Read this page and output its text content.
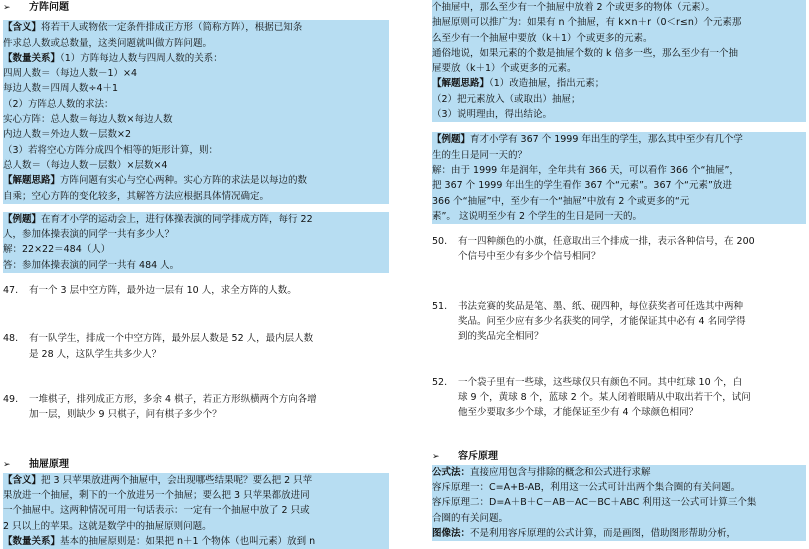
➢ 方阵问题

【含义】将若干人或物依一定条件排成正方形（简称方阵），根据已知条

件求总人数或总数量，这类问题就叫做方阵问题。

【数量关系】（1）方阵每边人数与四周人数的关系：

四周人数＝（每边人数－1）×4

每边人数＝四周人数÷4＋1

（2）方阵总人数的求法：

实心方阵：总人数＝每边人数×每边人数

内边人数＝外边人数－层数×2

（3）若将空心方阵分成四个相等的矩形计算，则：

总人数＝（每边人数－层数）×层数×4

【解题思路】方阵问题有实心与空心两种。实心方阵的求法是以每边的数

自乘；空心方阵的变化较多，其解答方法应根据具体情况确定。

【例题】在育才小学的运动会上，进行体操表演的同学排成方阵，每行 22

人，参加体操表演的同学一共有多少人？

解：22×22＝484（人）

答：参加体操表演的同学一共有 484 人。

47. 有一个 3 层中空方阵，最外边一层有 10 人，求全方阵的人数。

48. 有一队学生，排成一个中空方阵，最外层人数是 52 人，最内层人数

是 28 人，这队学生共多少人？

49. 一堆棋子，排列成正方形，多余 4 棋子，若正方形纵横两个方向各增

加一层，则缺少 9 只棋子，问有棋子多少个？

➢ 抽屉原理

【含义】把 3 只苹果放进两个抽屉中，会出现哪些结果呢？要么把 2 只苹

果放进一个抽屉，剩下的一个放进另一个抽屉；要么把 3 只苹果都放进同

一个抽屉中。这两种情况可用一句话表示：一定有一个抽屉中放了 2 只或

2 只以上的苹果。这就是数学中的抽屉原则问题。

【数量关系】基本的抽屉原则是：如果把 n＋1 个物体（也叫元素）放到 n

个抽屉中，那么至少有一个抽屉中放着 2 个或更多的物体（元素）。

抽屉原则可以推广为：如果有 n 个抽屉，有 k×n＋r（0＜r≤n）个元素那

么至少有一个抽屉中要放（k＋1）个或更多的元素。

通俗地说，如果元素的个数是抽屉个数的 k 倍多一些，那么至少有一个抽

屉要放（k＋1）个或更多的元素。

【解题思路】（1）改造抽屉，指出元素；

（2）把元素放入（或取出）抽屉；

（3）说明理由，得出结论。

【例题】育才小学有 367 个 1999 年出生的学生，那么其中至少有几个学

生的生日是同一天的？

解：由于 1999 年是润年，全年共有 366 天，可以看作 366 个“抽屉”，

把 367 个 1999 年出生的学生看作 367 个“元素”。367 个“元素”放进

366 个“抽屉”中，至少有一个“抽屉”中放有 2 个或更多的“元

素”。 这说明至少有 2 个学生的生日是同一天的。

50. 有一四种颜色的小旗，任意取出三个排成一排，表示各种信号，在 200

个信号中至少有多少个信号相同？

51. 书法竞赛的奖品是笔、墨、纸、砚四种，每位获奖者可任选其中两种

奖品。问至少应有多少名获奖的同学，才能保证其中必有 4 名同学得

到的奖品完全相同？

52. 一个袋子里有一些球，这些球仅只有颜色不同。其中红球 10 个，白

球 9 个，黄球 8 个，蓝球 2 个。某人闭着眼睛从中取出若干个，试问

他至少要取多少个球，才能保证至少有 4 个球颜色相同？

➢ 容斥原理

公式法：直接应用包含与排除的概念和公式进行求解

容斥原理一：C=A+B-AB，利用这一公式可计出两个集合圈的有关问题。

容斥原理二：D=A＋B＋C－AB－AC－BC＋ABC 利用这一公式可计算三个集

合圈的有关问题。

图像法：不是利用容斥原理的公式计算，而是画图，借助图形帮助分析，
